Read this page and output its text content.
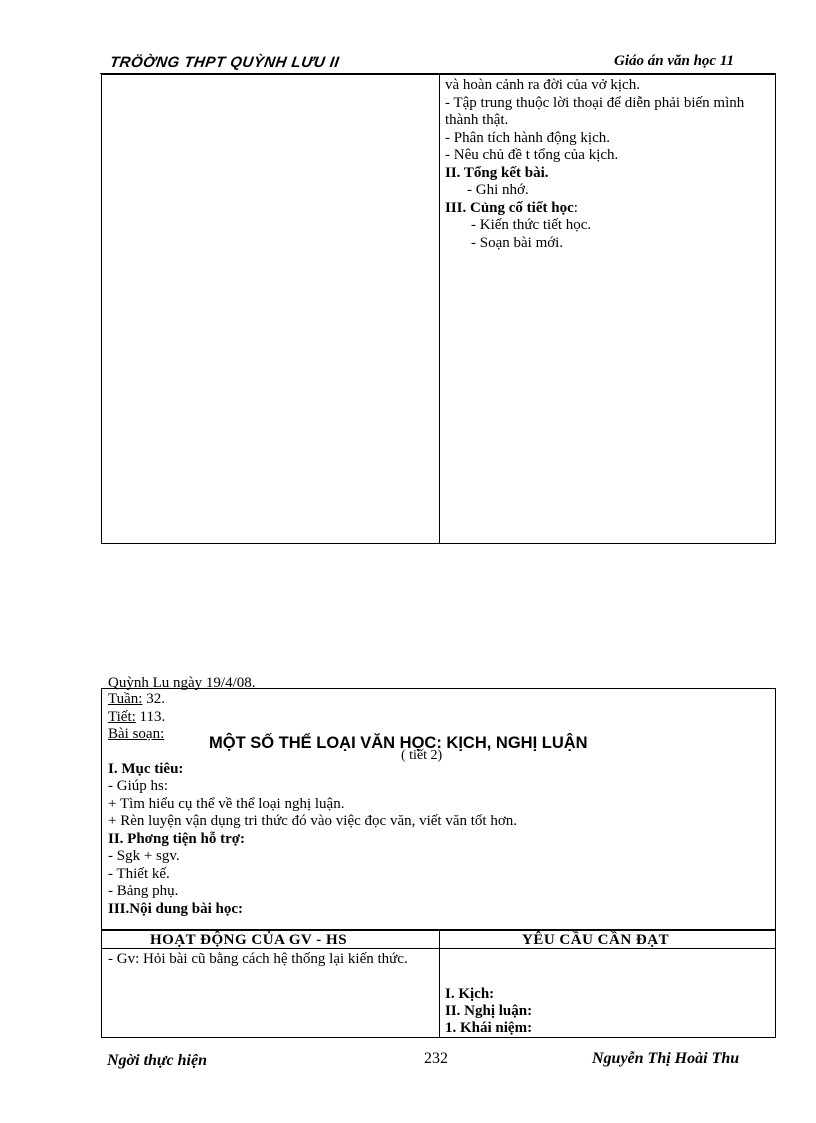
TRÖỜNG THPT QUỲNH LƯU II	Giáo án văn học 11
và hoàn cảnh ra đời của vở kịch.
- Tập trung thuộc lời thoại để diễn phải biến mình thành thật.
- Phân tích hành động kịch.
- Nêu chủ đề t tổng của kịch.
II. Tổng kết bài.
- Ghi nhớ.
III. Củng cố tiết học:
- Kiến thức tiết học.
- Soạn bài mới.
Quỳnh Lu ngày 19/4/08.
Tuần: 32.
Tiết: 113.
Bài soạn:
I. Mục tiêu:
- Giúp hs:
+ Tìm hiểu cụ thể về thể loại nghị luận.
+ Rèn luyện vận dụng tri thức đó vào việc đọc văn, viết văn tốt hơn.
II. Phơng tiện hỗ trợ:
- Sgk + sgv.
- Thiết kế.
- Bảng phụ.
III.Nội dung bài học:
HOẠT ĐỘNG CỦA GV - HS	YÊU CẦU CẦN ĐẠT
- Gv: Hỏi bài cũ bằng cách hệ thống lại kiến thức.
I. Kịch:
II. Nghị luận:
1. Khái niệm:
MỘT SỐ THỂ LOẠI VĂN HỌC: KỊCH, NGHỊ LUẬN
( tiết 2)
Ngời thực hiện	232	Nguyễn Thị Hoài Thu
